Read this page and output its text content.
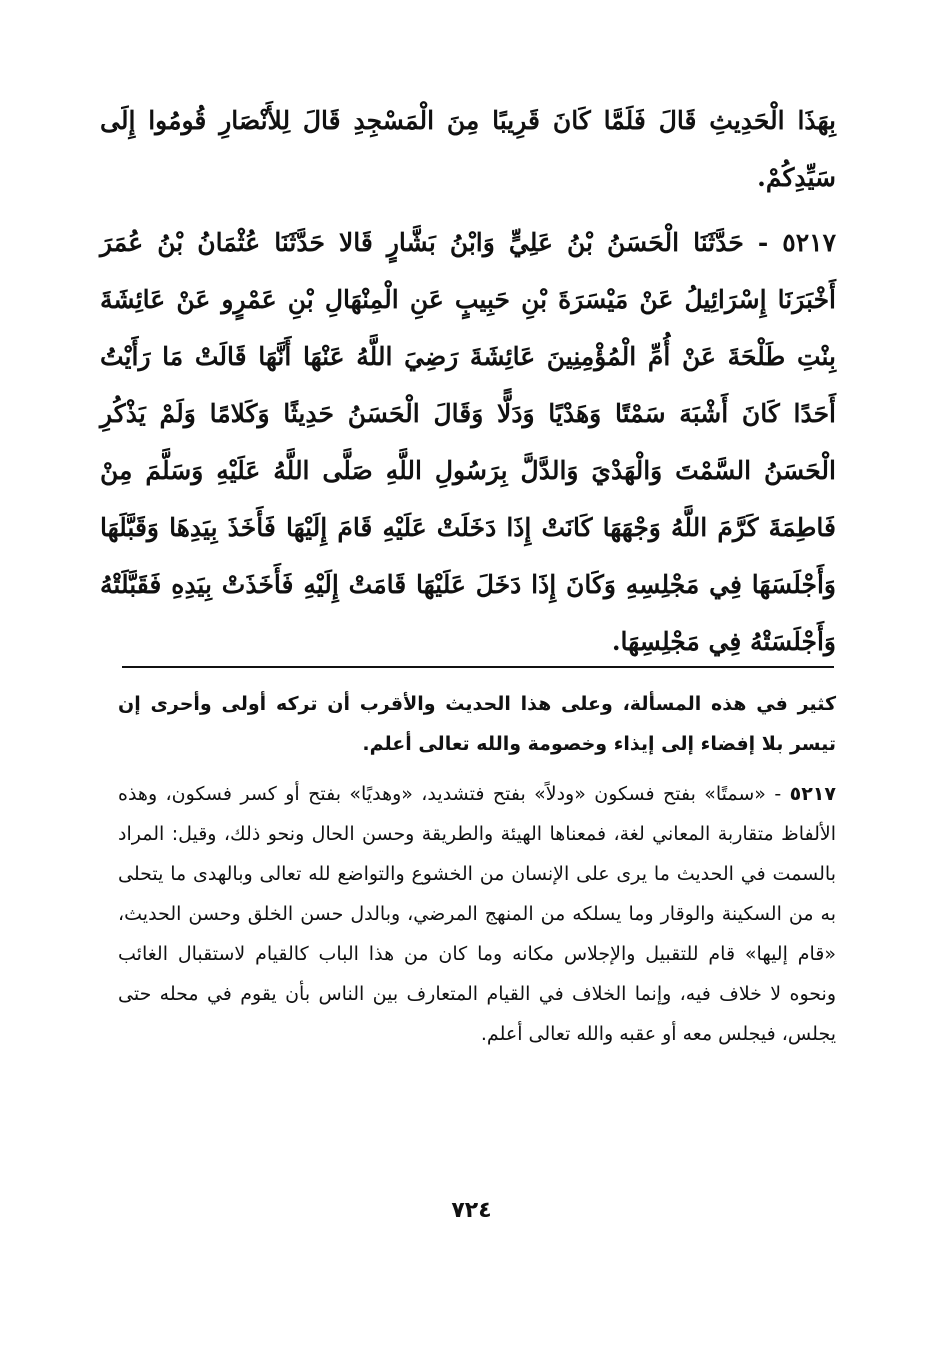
بِهَذَا الْحَدِيثِ قَالَ فَلَمَّا كَانَ قَرِيبًا مِنَ الْمَسْجِدِ قَالَ لِلأَنْصَارِ قُومُوا إِلَى سَيِّدِكُمْ.

٥٢١٧ - حَدَّثَنَا الْحَسَنُ بْنُ عَلِيٍّ وَابْنُ بَشَّارٍ قَالا حَدَّثَنَا عُثْمَانُ بْنُ عُمَرَ أَخْبَرَنَا إِسْرَائِيلُ عَنْ مَيْسَرَةَ بْنِ حَبِيبٍ عَنِ الْمِنْهَالِ بْنِ عَمْرٍو عَنْ عَائِشَةَ بِنْتِ طَلْحَةَ عَنْ أُمِّ الْمُؤْمِنِينَ عَائِشَةَ رَضِيَ اللَّهُ عَنْهَا أَنَّهَا قَالَتْ مَا رَأَيْتُ أَحَدًا كَانَ أَشْبَهَ سَمْتًا وَهَدْيًا وَدَلًّا وَقَالَ الْحَسَنُ حَدِيثًا وَكَلامًا وَلَمْ يَذْكُرِ الْحَسَنُ السَّمْتَ وَالْهَدْيَ وَالدَّلَّ بِرَسُولِ اللَّهِ صَلَّى اللَّهُ عَلَيْهِ وَسَلَّمَ مِنْ فَاطِمَةَ كَرَّمَ اللَّهُ وَجْهَهَا كَانَتْ إِذَا دَخَلَتْ عَلَيْهِ قَامَ إِلَيْهَا فَأَخَذَ بِيَدِهَا وَقَبَّلَهَا وَأَجْلَسَهَا فِي مَجْلِسِهِ وَكَانَ إِذَا دَخَلَ عَلَيْهَا قَامَتْ إِلَيْهِ فَأَخَذَتْ بِيَدِهِ فَقَبَّلَتْهُ وَأَجْلَسَتْهُ فِي مَجْلِسِهَا.

كثير في هذه المسألة، وعلى هذا الحديث والأقرب أن تركه أولى وأحرى إن تيسر بلا إفضاء إلى إيذاء وخصومة والله تعالى أعلم.

٥٢١٧ - «سمتًا» بفتح فسكون «ودلاً» بفتح فتشديد، «وهديًا» بفتح أو كسر فسكون، وهذه الألفاظ متقاربة المعاني لغة، فمعناها الهيئة والطريقة وحسن الحال ونحو ذلك، وقيل: المراد بالسمت في الحديث ما يرى على الإنسان من الخشوع والتواضع لله تعالى وبالهدى ما يتحلى به من السكينة والوقار وما يسلكه من المنهج المرضي، وبالدل حسن الخلق وحسن الحديث، «قام إليها» قام للتقبيل والإجلاس مكانه وما كان من هذا الباب كالقيام لاستقبال الغائب ونحوه لا خلاف فيه، وإنما الخلاف في القيام المتعارف بين الناس بأن يقوم في محله حتى يجلس، فيجلس معه أو عقبه والله تعالى أعلم.

٧٢٤
